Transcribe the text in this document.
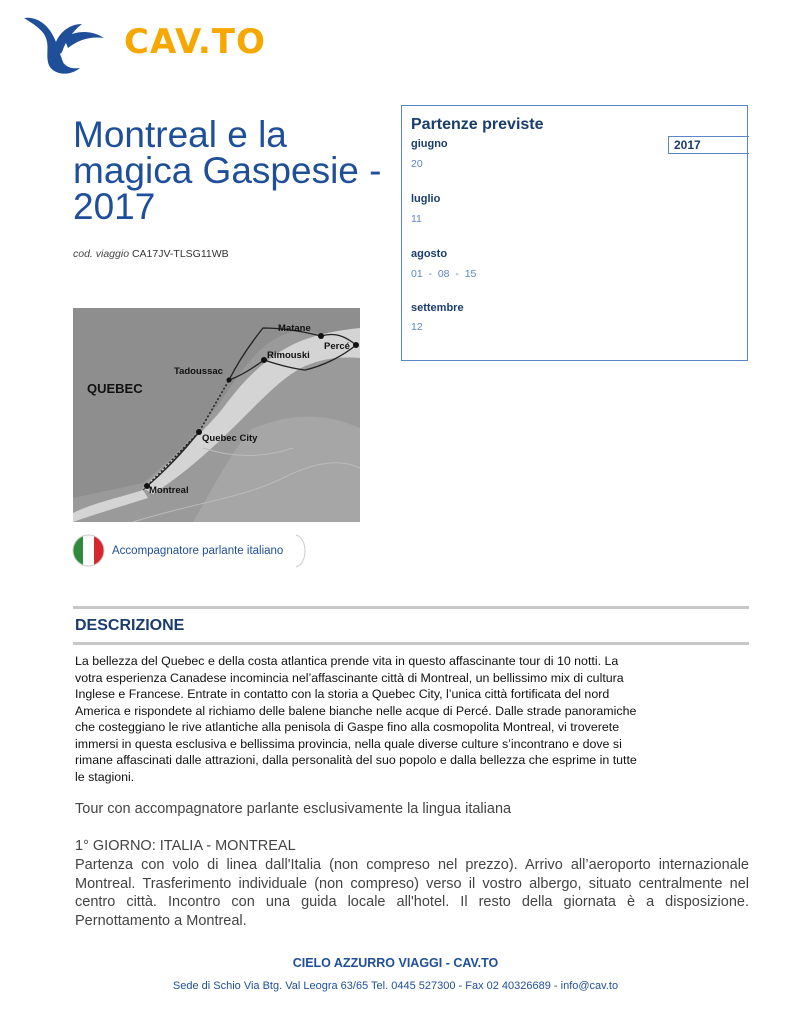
CAV.TO
Montreal e la magica Gaspesie - 2017
cod. viaggio CA17JV-TLSG11WB
QUEBEC
Matane
Percé
Rimouski
Tadoussac
Quebec City
Montreal
Accompagnatore parlante italiano
Partenze previste
2017
giugno
20
luglio
11
agosto
01  -  08  -  15
settembre
12
DESCRIZIONE
La bellezza del Quebec e della costa atlantica prende vita in questo affascinante tour di 10 notti. La votra esperienza Canadese incomincia nel’affascinante città di Montreal, un bellissimo mix di cultura Inglese e Francese. Entrate in contatto con la storia a Quebec City, l’unica città fortificata del nord America e rispondete al richiamo delle balene bianche nelle acque di Percé. Dalle strade panoramiche che costeggiano le rive atlantiche alla penisola di Gaspe fino alla cosmopolita Montreal, vi troverete immersi in questa esclusiva e bellissima provincia, nella quale diverse culture s’incontrano e dove si rimane affascinati dalle attrazioni, dalla personalità del suo popolo e dalla bellezza che esprime in tutte le stagioni.
Tour con accompagnatore parlante esclusivamente la lingua italiana
1° GIORNO: ITALIA - MONTREAL
Partenza con volo di linea dall'Italia (non compreso nel prezzo). Arrivo all’aeroporto internazionale Montreal. Trasferimento individuale (non compreso) verso il vostro albergo, situato centralmente nel centro città. Incontro con una guida locale all'hotel. Il resto della giornata è a disposizione. Pernottamento a Montreal.
CIELO AZZURRO VIAGGI - CAV.TO
Sede di Schio Via Btg. Val Leogra 63/65 Tel. 0445 527300 - Fax 02 40326689 - info@cav.to
